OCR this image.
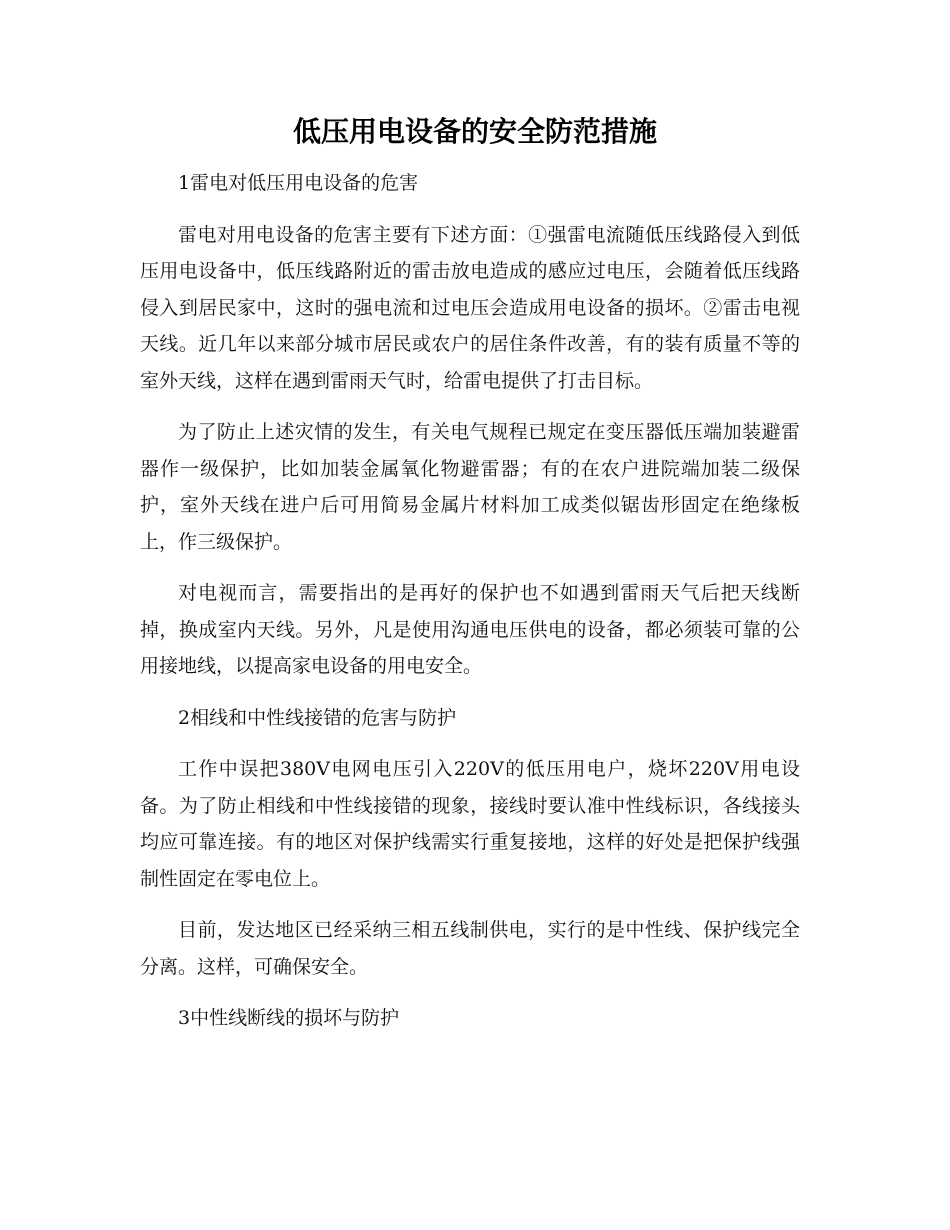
低压用电设备的安全防范措施

1雷电对低压用电设备的危害

雷电对用电设备的危害主要有下述方面：①强雷电流随低压线路侵入到低压用电设备中，低压线路附近的雷击放电造成的感应过电压，会随着低压线路侵入到居民家中，这时的强电流和过电压会造成用电设备的损坏。②雷击电视天线。近几年以来部分城市居民或农户的居住条件改善，有的装有质量不等的室外天线，这样在遇到雷雨天气时，给雷电提供了打击目标。

为了防止上述灾情的发生，有关电气规程已规定在变压器低压端加装避雷器作一级保护，比如加装金属氧化物避雷器；有的在农户进院端加装二级保护，室外天线在进户后可用简易金属片材料加工成类似锯齿形固定在绝缘板上，作三级保护。

对电视而言，需要指出的是再好的保护也不如遇到雷雨天气后把天线断掉，换成室内天线。另外，凡是使用沟通电压供电的设备，都必须装可靠的公用接地线，以提高家电设备的用电安全。

2相线和中性线接错的危害与防护

工作中误把380V电网电压引入220V的低压用电户，烧坏220V用电设备。为了防止相线和中性线接错的现象，接线时要认准中性线标识，各线接头均应可靠连接。有的地区对保护线需实行重复接地，这样的好处是把保护线强制性固定在零电位上。

目前，发达地区已经采纳三相五线制供电，实行的是中性线、保护线完全分离。这样，可确保安全。

3中性线断线的损坏与防护
